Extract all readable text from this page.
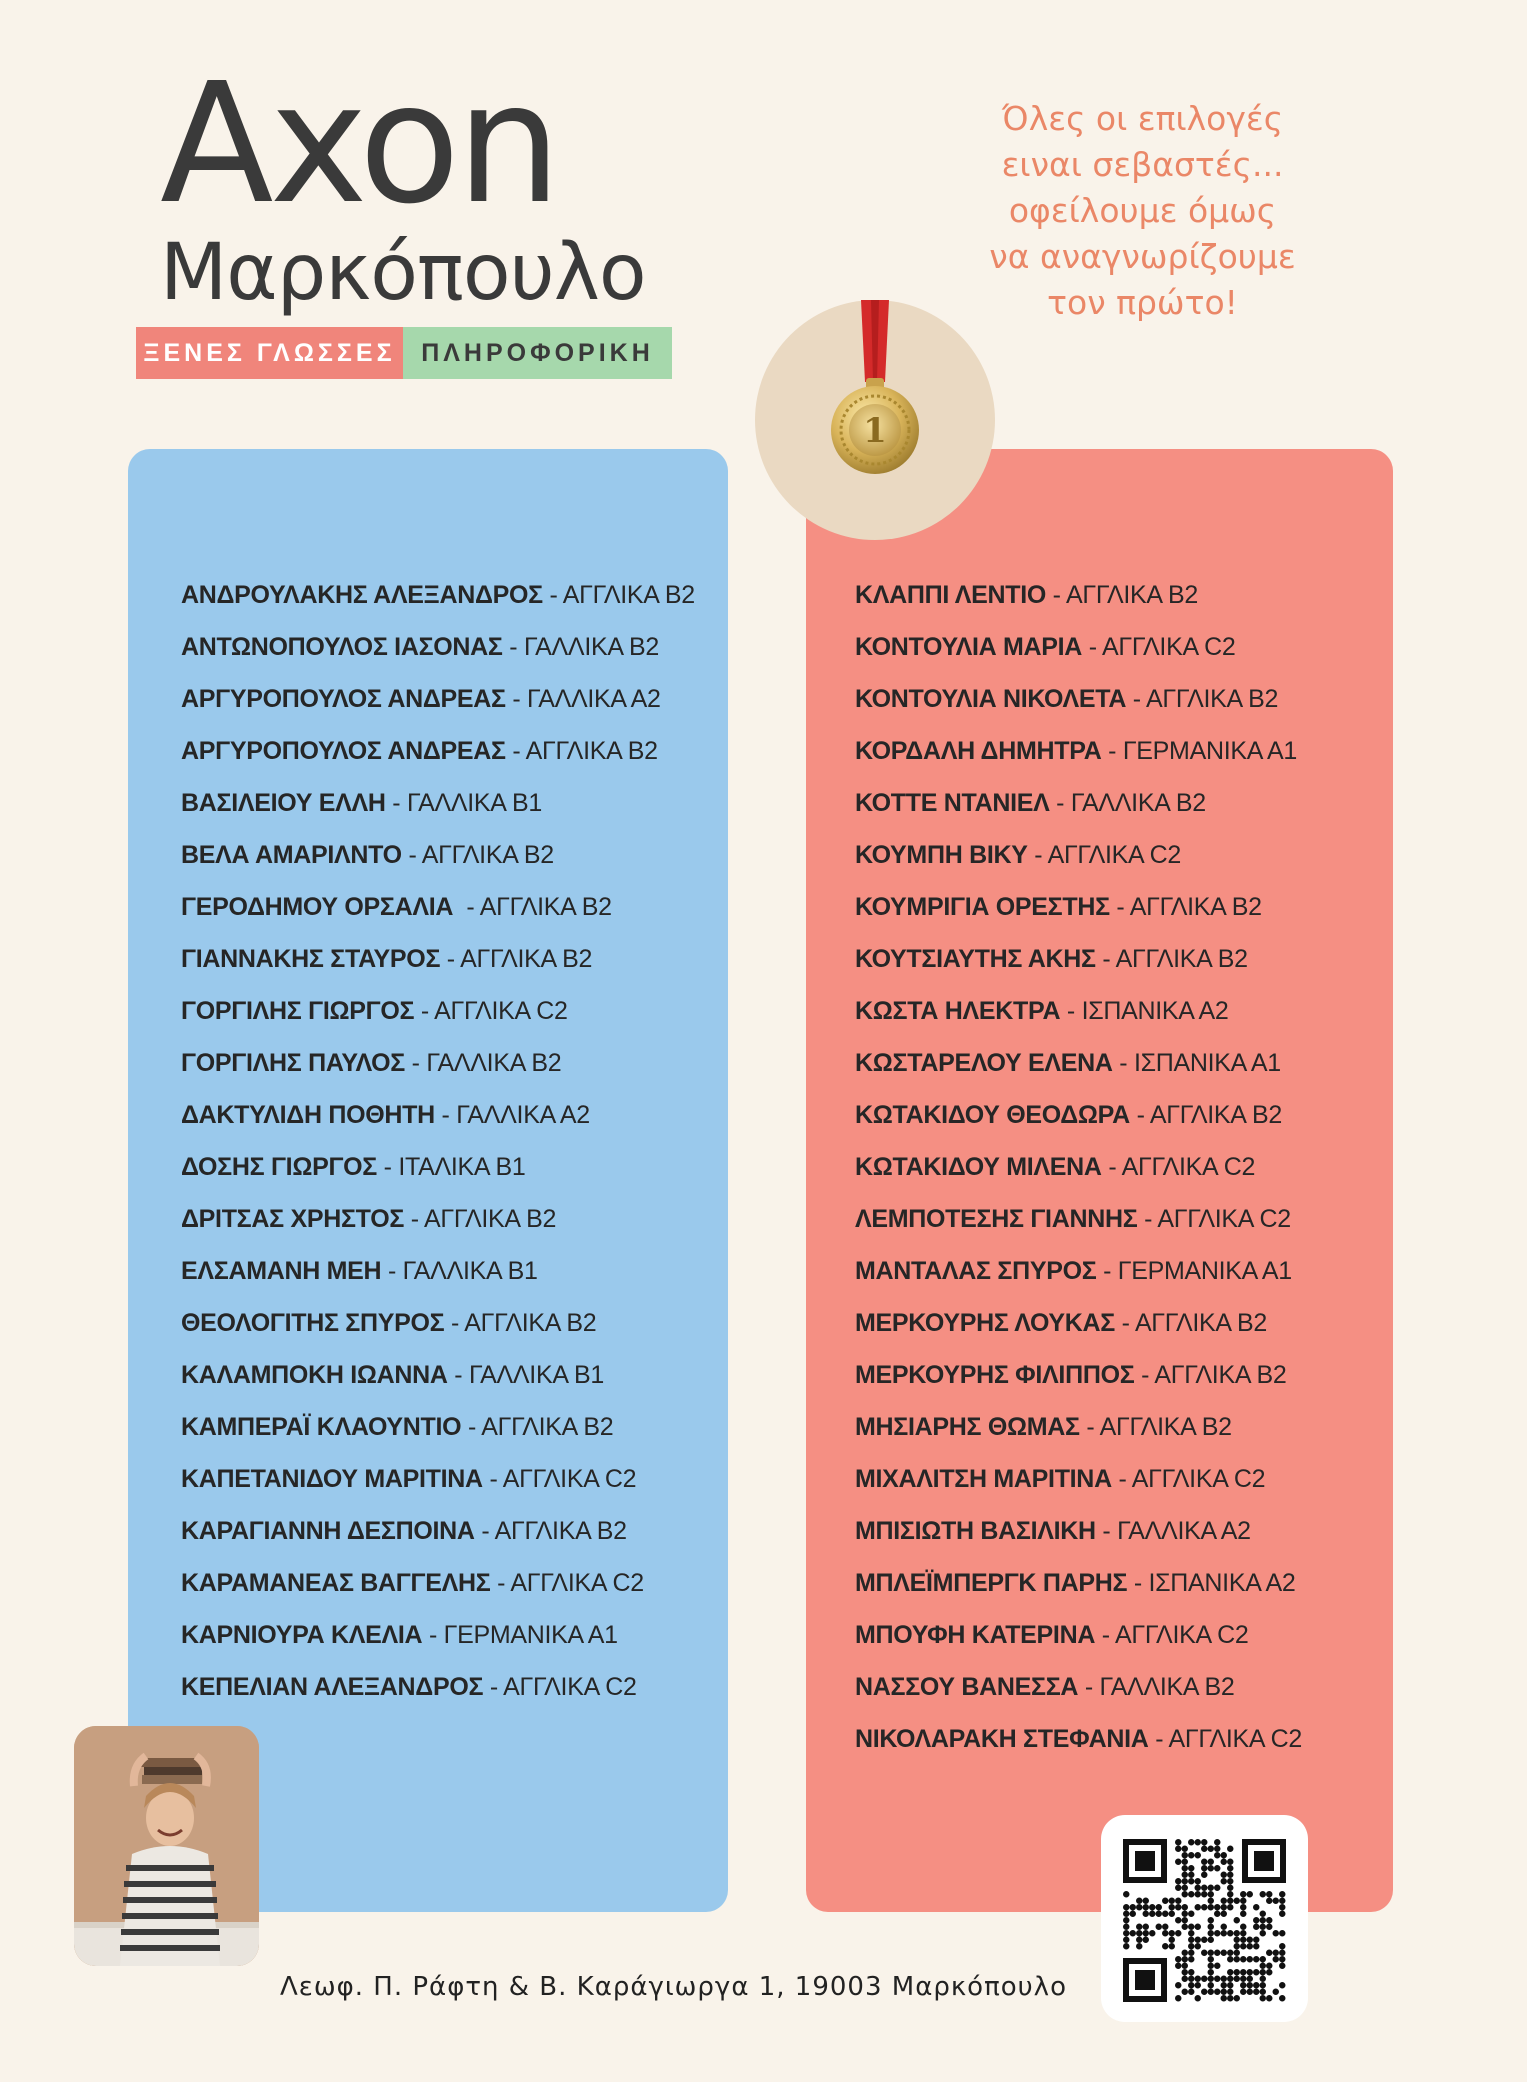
Axon
Μαρκόπουλο
ΞΕΝΕΣ ΓΛΩΣΣΕΣ	ΠΛΗΡΟΦΟΡΙΚΗ
Όλες οι επιλογές
ειναι σεβαστές...
οφείλουμε όμως
να αναγνωρίζουμε
τον πρώτο!
1
ΑΝΔΡΟΥΛΑΚΗΣ ΑΛΕΞΑΝΔΡΟΣ - ΑΓΓΛΙΚΑ Β2
ΑΝΤΩΝΟΠΟΥΛΟΣ ΙΑΣΟΝΑΣ - ΓΑΛΛΙΚΑ Β2
ΑΡΓΥΡΟΠΟΥΛΟΣ ΑΝΔΡΕΑΣ - ΓΑΛΛΙΚΑ Α2
ΑΡΓΥΡΟΠΟΥΛΟΣ ΑΝΔΡΕΑΣ - ΑΓΓΛΙΚΑ Β2
ΒΑΣΙΛΕΙΟΥ ΕΛΛΗ - ΓΑΛΛΙΚΑ Β1
ΒΕΛΑ ΑΜΑΡΙΛΝΤΟ - ΑΓΓΛΙΚΑ Β2
ΓΕΡΟΔΗΜΟΥ ΟΡΣΑΛΙΑ  - ΑΓΓΛΙΚΑ Β2
ΓΙΑΝΝΑΚΗΣ ΣΤΑΥΡΟΣ - ΑΓΓΛΙΚΑ Β2
ΓΟΡΓΙΛΗΣ ΓΙΩΡΓΟΣ - ΑΓΓΛΙΚΑ C2
ΓΟΡΓΙΛΗΣ ΠΑΥΛΟΣ - ΓΑΛΛΙΚΑ Β2
ΔΑΚΤΥΛΙΔΗ ΠΟΘΗΤΗ - ΓΑΛΛΙΚΑ Α2
ΔΟΣΗΣ ΓΙΩΡΓΟΣ - ΙΤΑΛΙΚΑ Β1
ΔΡΙΤΣΑΣ ΧΡΗΣΤΟΣ - ΑΓΓΛΙΚΑ Β2
ΕΛΣΑΜΑΝΗ ΜΕΗ - ΓΑΛΛΙΚΑ Β1
ΘΕΟΛΟΓΙΤΗΣ ΣΠΥΡΟΣ - ΑΓΓΛΙΚΑ Β2
ΚΑΛΑΜΠΟΚΗ ΙΩΑΝΝΑ - ΓΑΛΛΙΚΑ Β1
ΚΑΜΠΕΡΑΪ ΚΛΑΟΥΝΤΙΟ - ΑΓΓΛΙΚΑ Β2
ΚΑΠΕΤΑΝΙΔΟΥ ΜΑΡΙΤΙΝΑ - ΑΓΓΛΙΚΑ C2
ΚΑΡΑΓΙΑΝΝΗ ΔΕΣΠΟΙΝΑ - ΑΓΓΛΙΚΑ Β2
ΚΑΡΑΜΑΝΕΑΣ ΒΑΓΓΕΛΗΣ - ΑΓΓΛΙΚΑ C2
ΚΑΡΝΙΟΥΡΑ ΚΛΕΛΙΑ - ΓΕΡΜΑΝΙΚΑ Α1
ΚΕΠΕΛΙΑΝ ΑΛΕΞΑΝΔΡΟΣ - ΑΓΓΛΙΚΑ C2
ΚΛΑΠΠΙ ΛΕΝΤΙΟ - ΑΓΓΛΙΚΑ Β2
ΚΟΝΤΟΥΛΙΑ ΜΑΡΙΑ - ΑΓΓΛΙΚΑ C2
ΚΟΝΤΟΥΛΙΑ ΝΙΚΟΛΕΤΑ - ΑΓΓΛΙΚΑ Β2
ΚΟΡΔΑΛΗ ΔΗΜΗΤΡΑ - ΓΕΡΜΑΝΙΚΑ Α1
ΚΟΤΤΕ ΝΤΑΝΙΕΛ - ΓΑΛΛΙΚΑ Β2
ΚΟΥΜΠΗ ΒΙΚΥ - ΑΓΓΛΙΚΑ C2
ΚΟΥΜΡΙΓΙΑ ΟΡΕΣΤΗΣ - ΑΓΓΛΙΚΑ Β2
ΚΟΥΤΣΙΑΥΤΗΣ ΑΚΗΣ - ΑΓΓΛΙΚΑ Β2
ΚΩΣΤΑ ΗΛΕΚΤΡΑ - ΙΣΠΑΝΙΚΑ Α2
ΚΩΣΤΑΡΕΛΟΥ ΕΛΕΝΑ - ΙΣΠΑΝΙΚΑ Α1
ΚΩΤΑΚΙΔΟΥ ΘΕΟΔΩΡΑ - ΑΓΓΛΙΚΑ Β2
ΚΩΤΑΚΙΔΟΥ ΜΙΛΕΝΑ - ΑΓΓΛΙΚΑ C2
ΛΕΜΠΟΤΕΣΗΣ ΓΙΑΝΝΗΣ - ΑΓΓΛΙΚΑ C2
ΜΑΝΤΑΛΑΣ ΣΠΥΡΟΣ - ΓΕΡΜΑΝΙΚΑ Α1
ΜΕΡΚΟΥΡΗΣ ΛΟΥΚΑΣ - ΑΓΓΛΙΚΑ Β2
ΜΕΡΚΟΥΡΗΣ ΦΙΛΙΠΠΟΣ - ΑΓΓΛΙΚΑ Β2
ΜΗΣΙΑΡΗΣ ΘΩΜΑΣ - ΑΓΓΛΙΚΑ Β2
ΜΙΧΑΛΙΤΣΗ ΜΑΡΙΤΙΝΑ - ΑΓΓΛΙΚΑ C2
ΜΠΙΣΙΩΤΗ ΒΑΣΙΛΙΚΗ - ΓΑΛΛΙΚΑ Α2
ΜΠΛΕΪΜΠΕΡΓΚ ΠΑΡΗΣ - ΙΣΠΑΝΙΚΑ Α2
ΜΠΟΥΦΗ ΚΑΤΕΡΙΝΑ - ΑΓΓΛΙΚΑ C2
ΝΑΣΣΟΥ ΒΑΝΕΣΣΑ - ΓΑΛΛΙΚΑ Β2
ΝΙΚΟΛΑΡΑΚΗ ΣΤΕΦΑΝΙΑ - ΑΓΓΛΙΚΑ C2
Λεωφ. Π. Ράφτη & Β. Καράγιωργα 1, 19003 Μαρκόπουλο
